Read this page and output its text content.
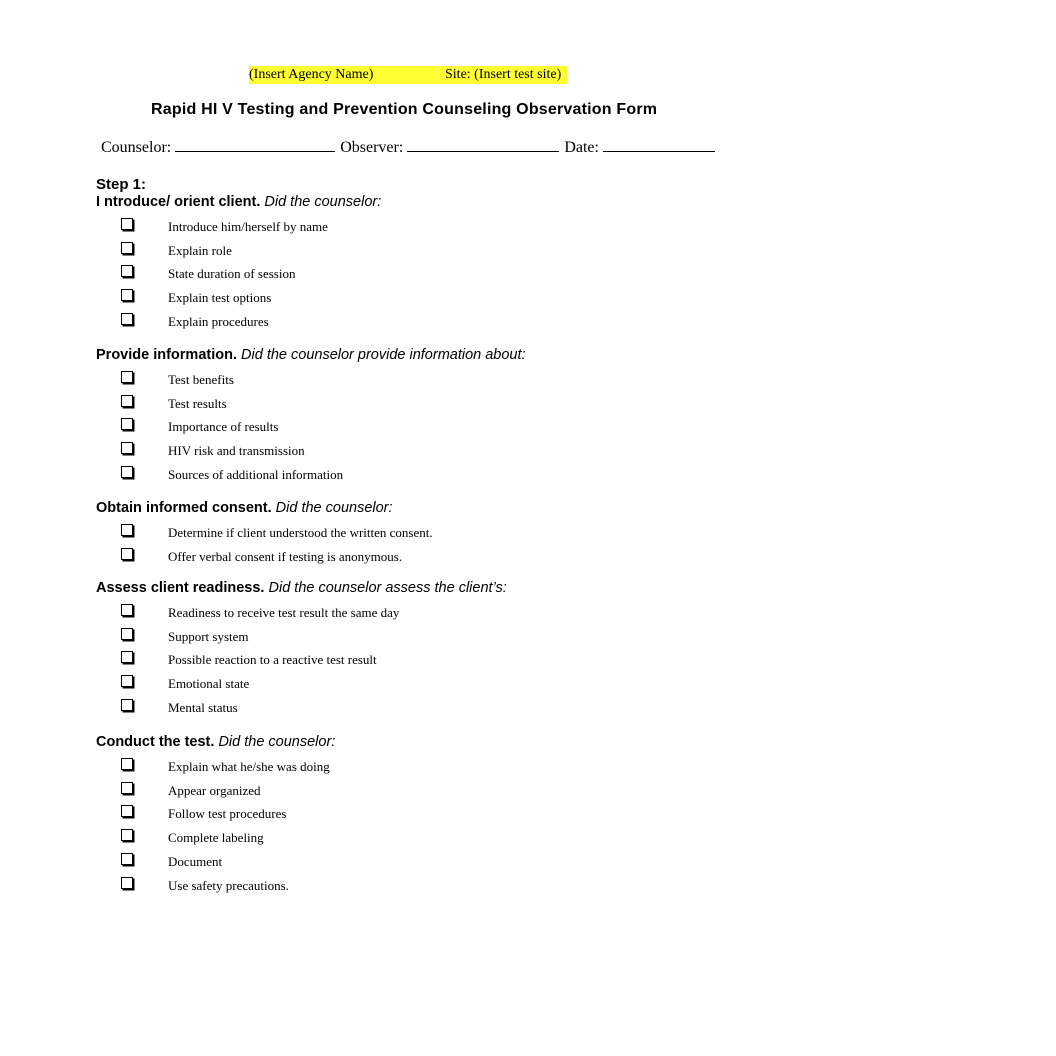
(Insert Agency Name)	Site: (Insert test site)
Rapid HI V Testing and Prevention Counseling Observation Form
Counselor:	Observer:	Date:
Step 1:
I ntroduce/ orient client. Did the counselor:
Introduce him/herself by name
Explain role
State duration of session
Explain test options
Explain procedures
Provide information. Did the counselor provide information about:
Test benefits
Test results
Importance of results
HIV risk and transmission
Sources of additional information
Obtain informed consent. Did the counselor:
Determine if client understood the written consent.
Offer verbal consent if testing is anonymous.
Assess client readiness. Did the counselor assess the client’s:
Readiness to receive test result the same day
Support system
Possible reaction to a reactive test result
Emotional state
Mental status
Conduct the test. Did the counselor:
Explain what he/she was doing
Appear organized
Follow test procedures
Complete labeling
Document
Use safety precautions.
